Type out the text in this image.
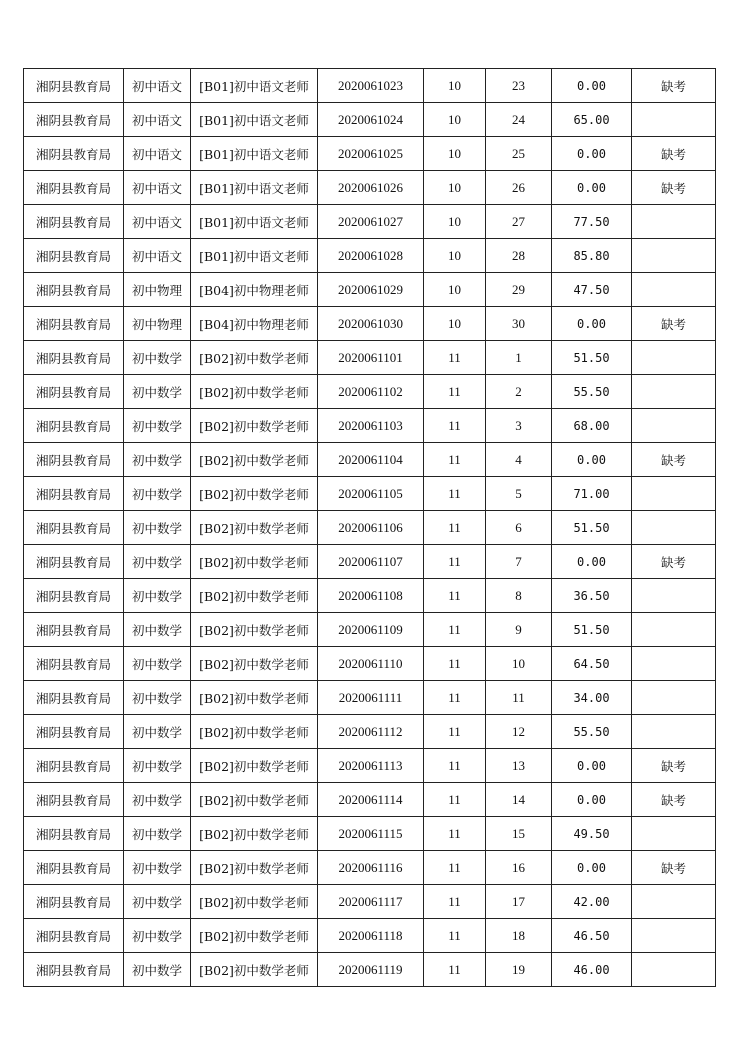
湘阴县教育局	初中语文	[B01]初中语文老师	2020061023	10	23	0.00	缺考
湘阴县教育局	初中语文	[B01]初中语文老师	2020061024	10	24	65.00	
湘阴县教育局	初中语文	[B01]初中语文老师	2020061025	10	25	0.00	缺考
湘阴县教育局	初中语文	[B01]初中语文老师	2020061026	10	26	0.00	缺考
湘阴县教育局	初中语文	[B01]初中语文老师	2020061027	10	27	77.50	
湘阴县教育局	初中语文	[B01]初中语文老师	2020061028	10	28	85.80	
湘阴县教育局	初中物理	[B04]初中物理老师	2020061029	10	29	47.50	
湘阴县教育局	初中物理	[B04]初中物理老师	2020061030	10	30	0.00	缺考
湘阴县教育局	初中数学	[B02]初中数学老师	2020061101	11	1	51.50	
湘阴县教育局	初中数学	[B02]初中数学老师	2020061102	11	2	55.50	
湘阴县教育局	初中数学	[B02]初中数学老师	2020061103	11	3	68.00	
湘阴县教育局	初中数学	[B02]初中数学老师	2020061104	11	4	0.00	缺考
湘阴县教育局	初中数学	[B02]初中数学老师	2020061105	11	5	71.00	
湘阴县教育局	初中数学	[B02]初中数学老师	2020061106	11	6	51.50	
湘阴县教育局	初中数学	[B02]初中数学老师	2020061107	11	7	0.00	缺考
湘阴县教育局	初中数学	[B02]初中数学老师	2020061108	11	8	36.50	
湘阴县教育局	初中数学	[B02]初中数学老师	2020061109	11	9	51.50	
湘阴县教育局	初中数学	[B02]初中数学老师	2020061110	11	10	64.50	
湘阴县教育局	初中数学	[B02]初中数学老师	2020061111	11	11	34.00	
湘阴县教育局	初中数学	[B02]初中数学老师	2020061112	11	12	55.50	
湘阴县教育局	初中数学	[B02]初中数学老师	2020061113	11	13	0.00	缺考
湘阴县教育局	初中数学	[B02]初中数学老师	2020061114	11	14	0.00	缺考
湘阴县教育局	初中数学	[B02]初中数学老师	2020061115	11	15	49.50	
湘阴县教育局	初中数学	[B02]初中数学老师	2020061116	11	16	0.00	缺考
湘阴县教育局	初中数学	[B02]初中数学老师	2020061117	11	17	42.00	
湘阴县教育局	初中数学	[B02]初中数学老师	2020061118	11	18	46.50	
湘阴县教育局	初中数学	[B02]初中数学老师	2020061119	11	19	46.00	
